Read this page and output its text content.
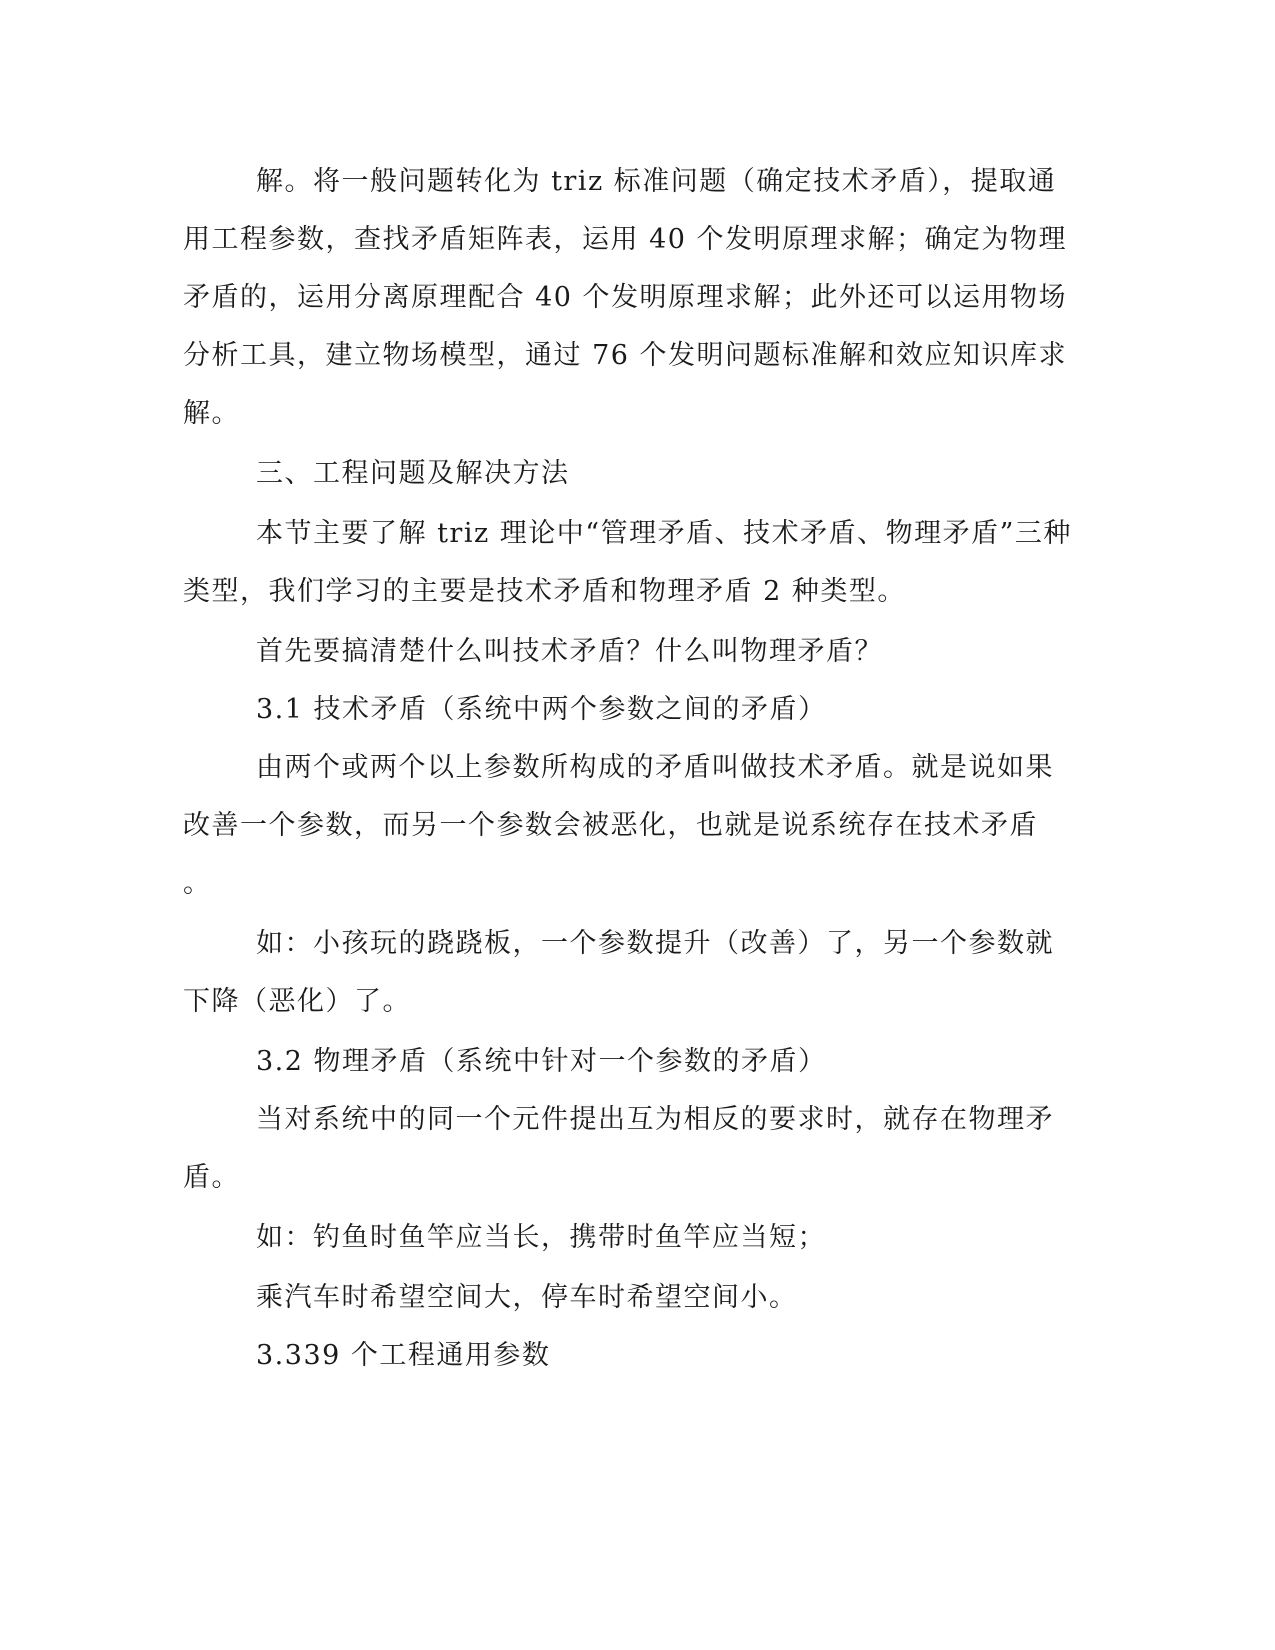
解。将一般问题转化为 triz 标准问题（确定技术矛盾），提取通
用工程参数，查找矛盾矩阵表，运用 40 个发明原理求解；确定为物理
矛盾的，运用分离原理配合 40 个发明原理求解；此外还可以运用物场
分析工具，建立物场模型，通过 76 个发明问题标准解和效应知识库求
解。
三、工程问题及解决方法
本节主要了解 triz 理论中“管理矛盾、技术矛盾、物理矛盾”三种
类型，我们学习的主要是技术矛盾和物理矛盾 2 种类型。
首先要搞清楚什么叫技术矛盾？什么叫物理矛盾？
3.1 技术矛盾（系统中两个参数之间的矛盾）
由两个或两个以上参数所构成的矛盾叫做技术矛盾。就是说如果
改善一个参数，而另一个参数会被恶化，也就是说系统存在技术矛盾
。
如：小孩玩的跷跷板，一个参数提升（改善）了，另一个参数就
下降（恶化）了。
3.2 物理矛盾（系统中针对一个参数的矛盾）
当对系统中的同一个元件提出互为相反的要求时，就存在物理矛
盾。
如：钓鱼时鱼竿应当长，携带时鱼竿应当短；
乘汽车时希望空间大，停车时希望空间小。
3.339 个工程通用参数
